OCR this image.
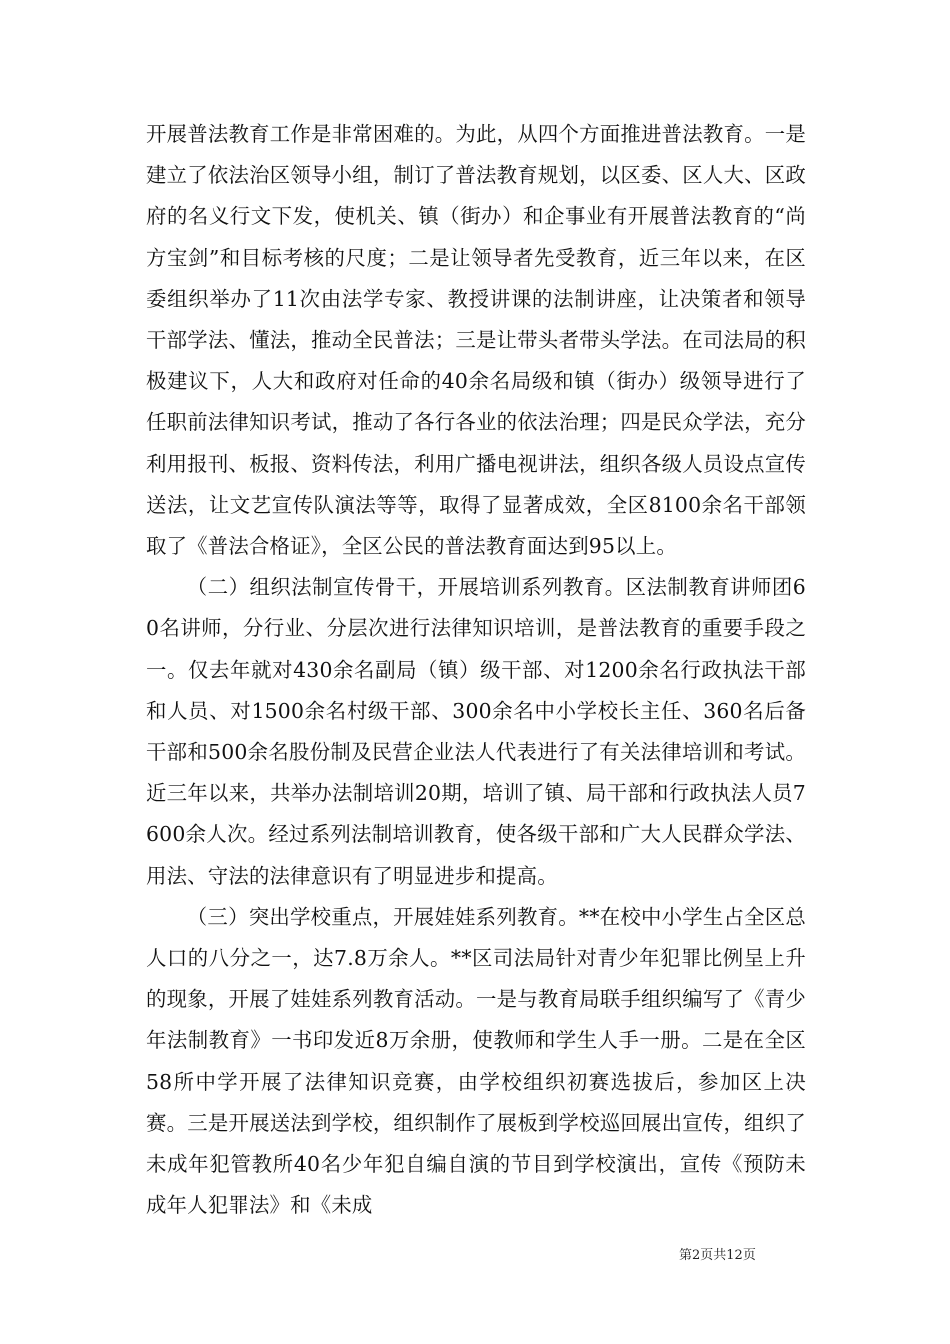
开展普法教育工作是非常困难的。为此，从四个方面推进普法教育。一是建立了依法治区领导小组，制订了普法教育规划，以区委、区人大、区政府的名义行文下发，使机关、镇（街办）和企事业有开展普法教育的“尚方宝剑”和目标考核的尺度；二是让领导者先受教育，近三年以来，在区委组织举办了11次由法学专家、教授讲课的法制讲座，让决策者和领导干部学法、懂法，推动全民普法；三是让带头者带头学法。在司法局的积极建议下，人大和政府对任命的40余名局级和镇（街办）级领导进行了任职前法律知识考试，推动了各行各业的依法治理；四是民众学法，充分利用报刊、板报、资料传法，利用广播电视讲法，组织各级人员设点宣传送法，让文艺宣传队演法等等，取得了显著成效，全区8100余名干部领取了《普法合格证》，全区公民的普法教育面达到95以上。

（二）组织法制宣传骨干，开展培训系列教育。区法制教育讲师团60名讲师，分行业、分层次进行法律知识培训，是普法教育的重要手段之一。仅去年就对430余名副局（镇）级干部、对1200余名行政执法干部和人员、对1500余名村级干部、300余名中小学校长主任、360名后备干部和500余名股份制及民营企业法人代表进行了有关法律培训和考试。近三年以来，共举办法制培训20期，培训了镇、局干部和行政执法人员7600余人次。经过系列法制培训教育，使各级干部和广大人民群众学法、用法、守法的法律意识有了明显进步和提高。

（三）突出学校重点，开展娃娃系列教育。**在校中小学生占全区总人口的八分之一，达7.8万余人。**区司法局针对青少年犯罪比例呈上升的现象，开展了娃娃系列教育活动。一是与教育局联手组织编写了《青少年法制教育》一书印发近8万余册，使教师和学生人手一册。二是在全区58所中学开展了法律知识竞赛，由学校组织初赛选拔后，参加区上决赛。三是开展送法到学校，组织制作了展板到学校巡回展出宣传，组织了未成年犯管教所40名少年犯自编自演的节目到学校演出，宣传《预防未成年人犯罪法》和《未成

第2页共12页
